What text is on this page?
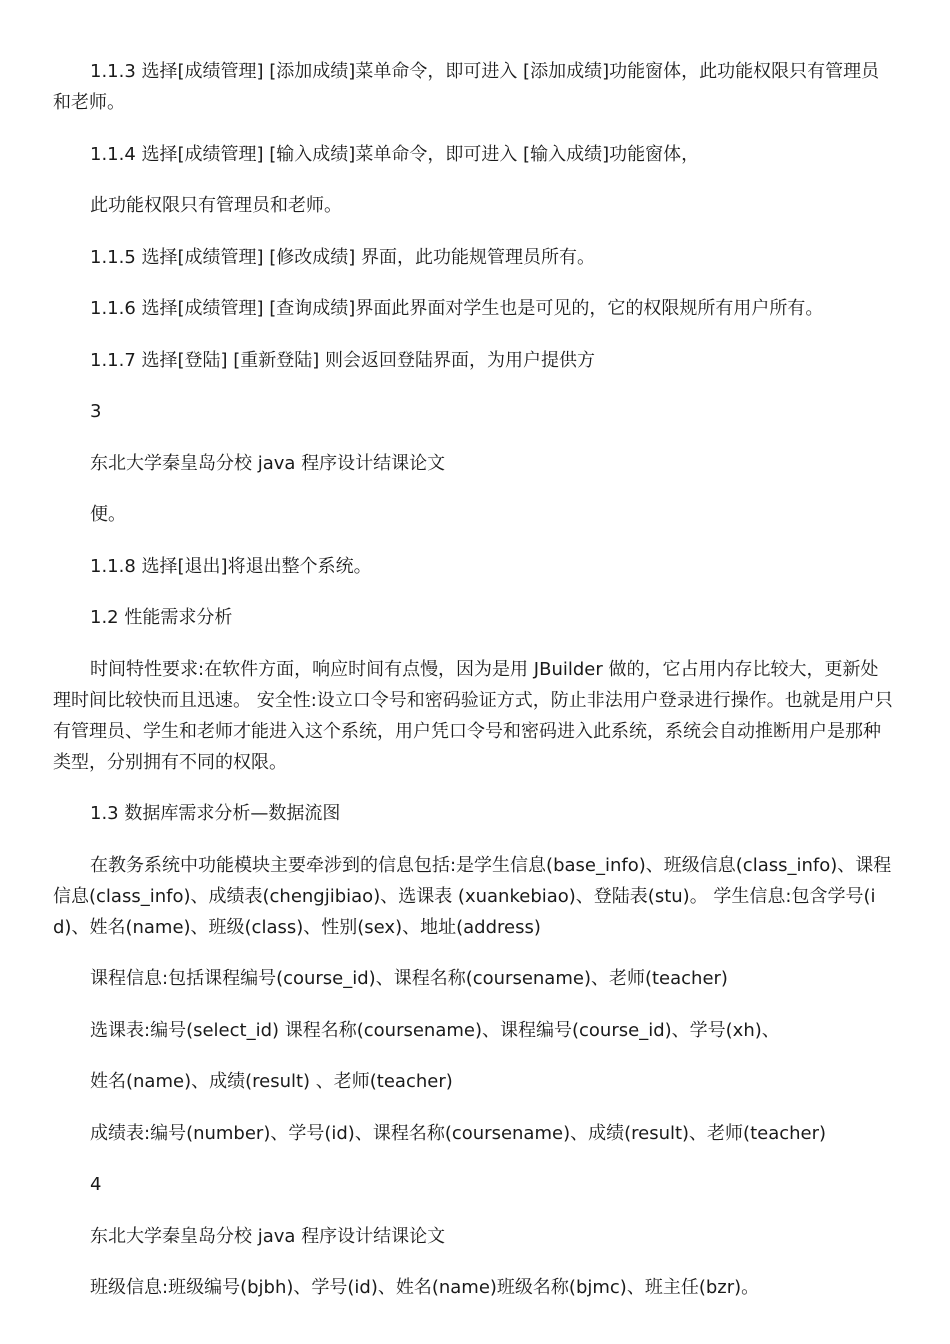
1.1.3 选择[成绩管理] [添加成绩]菜单命令，即可进入 [添加成绩]功能窗体，此功能权限只有管理员和老师。

1.1.4 选择[成绩管理] [输入成绩]菜单命令，即可进入 [输入成绩]功能窗体，

此功能权限只有管理员和老师。

1.1.5 选择[成绩管理] [修改成绩] 界面，此功能规管理员所有。

1.1.6 选择[成绩管理] [查询成绩]界面此界面对学生也是可见的，它的权限规所有用户所有。

1.1.7 选择[登陆] [重新登陆] 则会返回登陆界面，为用户提供方

3

东北大学秦皇岛分校 java 程序设计结课论文

便。

1.1.8 选择[退出]将退出整个系统。

1.2 性能需求分析

时间特性要求:在软件方面，响应时间有点慢，因为是用 JBuilder 做的，它占用内存比较大，更新处理时间比较快而且迅速。 安全性:设立口令号和密码验证方式，防止非法用户登录进行操作。也就是用户只有管理员、学生和老师才能进入这个系统，用户凭口令号和密码进入此系统，系统会自动推断用户是那种类型，分别拥有不同的权限。

1.3 数据库需求分析—数据流图

在教务系统中功能模块主要牵涉到的信息包括:是学生信息(base_info)、班级信息(class_info)、课程信息(class_info)、成绩表(chengjibiao)、选课表 (xuankebiao)、登陆表(stu)。 学生信息:包含学号(id)、姓名(name)、班级(class)、性别(sex)、地址(address)

课程信息:包括课程编号(course_id)、课程名称(coursename)、老师(teacher)

选课表:编号(select_id) 课程名称(coursename)、课程编号(course_id)、学号(xh)、

姓名(name)、成绩(result) 、老师(teacher)

成绩表:编号(number)、学号(id)、课程名称(coursename)、成绩(result)、老师(teacher)

4

东北大学秦皇岛分校 java 程序设计结课论文

班级信息:班级编号(bjbh)、学号(id)、姓名(name)班级名称(bjmc)、班主任(bzr)。
